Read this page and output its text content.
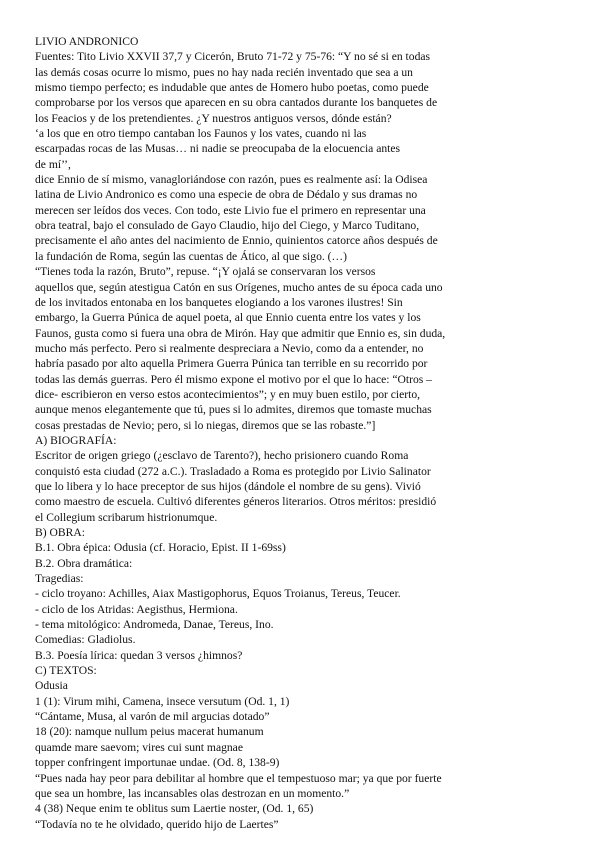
LIVIO ANDRONICO
Fuentes: Tito Livio XXVII 37,7 y Cicerón, Bruto 71-72 y 75-76: “Y no sé si en todas
las demás cosas ocurre lo mismo, pues no hay nada recién inventado que sea a un
mismo tiempo perfecto; es indudable que antes de Homero hubo poetas, como puede
comprobarse por los versos que aparecen en su obra cantados durante los banquetes de
los Feacios y de los pretendientes. ¿Y nuestros antiguos versos, dónde están?
‘a los que en otro tiempo cantaban los Faunos y los vates, cuando ni las
escarpadas rocas de las Musas… ni nadie se preocupaba de la elocuencia antes
de mí’’,
dice Ennio de sí mismo, vanagloriándose con razón, pues es realmente así: la Odisea
latina de Livio Andronico es como una especie de obra de Dédalo y sus dramas no
merecen ser leídos dos veces. Con todo, este Livio fue el primero en representar una
obra teatral, bajo el consulado de Gayo Claudio, hijo del Ciego, y Marco Tuditano,
precisamente el año antes del nacimiento de Ennio, quinientos catorce años después de
la fundación de Roma, según las cuentas de Ático, al que sigo. (…)
“Tienes toda la razón, Bruto”, repuse. “¡Y ojalá se conservaran los versos
aquellos que, según atestigua Catón en sus Orígenes, mucho antes de su época cada uno
de los invitados entonaba en los banquetes elogiando a los varones ilustres! Sin
embargo, la Guerra Púnica de aquel poeta, al que Ennio cuenta entre los vates y los
Faunos, gusta como si fuera una obra de Mirón. Hay que admitir que Ennio es, sin duda,
mucho más perfecto. Pero si realmente despreciara a Nevio, como da a entender, no
habría pasado por alto aquella Primera Guerra Púnica tan terrible en su recorrido por
todas las demás guerras. Pero él mismo expone el motivo por el que lo hace: “Otros –
dice- escribieron en verso estos acontecimientos”; y en muy buen estilo, por cierto,
aunque menos elegantemente que tú, pues si lo admites, diremos que tomaste muchas
cosas prestadas de Nevio; pero, si lo niegas, diremos que se las robaste.”]
A) BIOGRAFÍA:
Escritor de origen griego (¿esclavo de Tarento?), hecho prisionero cuando Roma
conquistó esta ciudad (272 a.C.). Trasladado a Roma es protegido por Livio Salinator
que lo libera y lo hace preceptor de sus hijos (dándole el nombre de su gens). Vivió
como maestro de escuela. Cultivó diferentes géneros literarios. Otros méritos: presidió
el Collegium scribarum histrionumque.
B) OBRA:
B.1. Obra épica: Odusia (cf. Horacio, Epist. II 1-69ss)
B.2. Obra dramática:
Tragedias:
- ciclo troyano: Achilles, Aiax Mastigophorus, Equos Troianus, Tereus, Teucer.
- ciclo de los Atridas: Aegisthus, Hermiona.
- tema mitológico: Andromeda, Danae, Tereus, Ino.
Comedias: Gladiolus.
B.3. Poesía lírica: quedan 3 versos ¿himnos?
C) TEXTOS:
Odusia
1 (1): Virum mihi, Camena, insece versutum (Od. 1, 1)
“Cántame, Musa, al varón de mil argucias dotado”
18 (20): namque nullum peius macerat humanum
quamde mare saevom; vires cui sunt magnae
topper confringent importunae undae. (Od. 8, 138-9)
“Pues nada hay peor para debilitar al hombre que el tempestuoso mar; ya que por fuerte
que sea un hombre, las incansables olas destrozan en un momento.”
4 (38) Neque enim te oblitus sum Laertie noster, (Od. 1, 65)
“Todavía no te he olvidado, querido hijo de Laertes”
